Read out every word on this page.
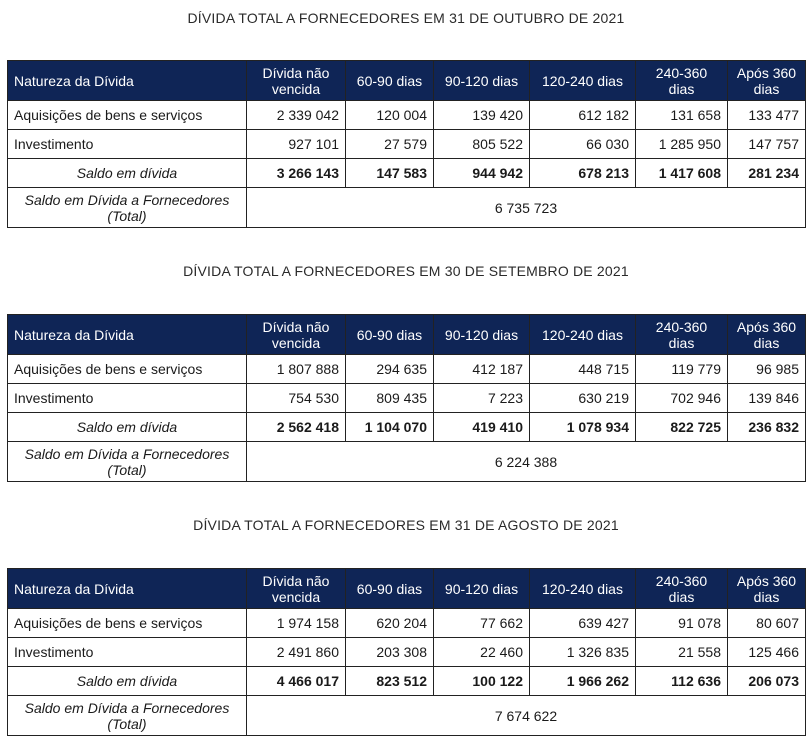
DÍVIDA TOTAL A FORNECEDORES EM 31 DE OUTUBRO DE 2021
Natureza da Dívida	Dívida não vencida	60-90 dias	90-120 dias	120-240 dias	240-360 dias	Após 360 dias
Aquisições de bens e serviços	2 339 042	120 004	139 420	612 182	131 658	133 477
Investimento	927 101	27 579	805 522	66 030	1 285 950	147 757
Saldo em dívida	3 266 143	147 583	944 942	678 213	1 417 608	281 234
Saldo em Dívida a Fornecedores (Total)	6 735 723					
DÍVIDA TOTAL A FORNECEDORES EM 30 DE SETEMBRO DE 2021
Natureza da Dívida	Dívida não vencida	60-90 dias	90-120 dias	120-240 dias	240-360 dias	Após 360 dias
Aquisições de bens e serviços	1 807 888	294 635	412 187	448 715	119 779	96 985
Investimento	754 530	809 435	7 223	630 219	702 946	139 846
Saldo em dívida	2 562 418	1 104 070	419 410	1 078 934	822 725	236 832
Saldo em Dívida a Fornecedores (Total)	6 224 388					
DÍVIDA TOTAL A FORNECEDORES EM 31 DE AGOSTO DE 2021
Natureza da Dívida	Dívida não vencida	60-90 dias	90-120 dias	120-240 dias	240-360 dias	Após 360 dias
Aquisições de bens e serviços	1 974 158	620 204	77 662	639 427	91 078	80 607
Investimento	2 491 860	203 308	22 460	1 326 835	21 558	125 466
Saldo em dívida	4 466 017	823 512	100 122	1 966 262	112 636	206 073
Saldo em Dívida a Fornecedores (Total)	7 674 622					
